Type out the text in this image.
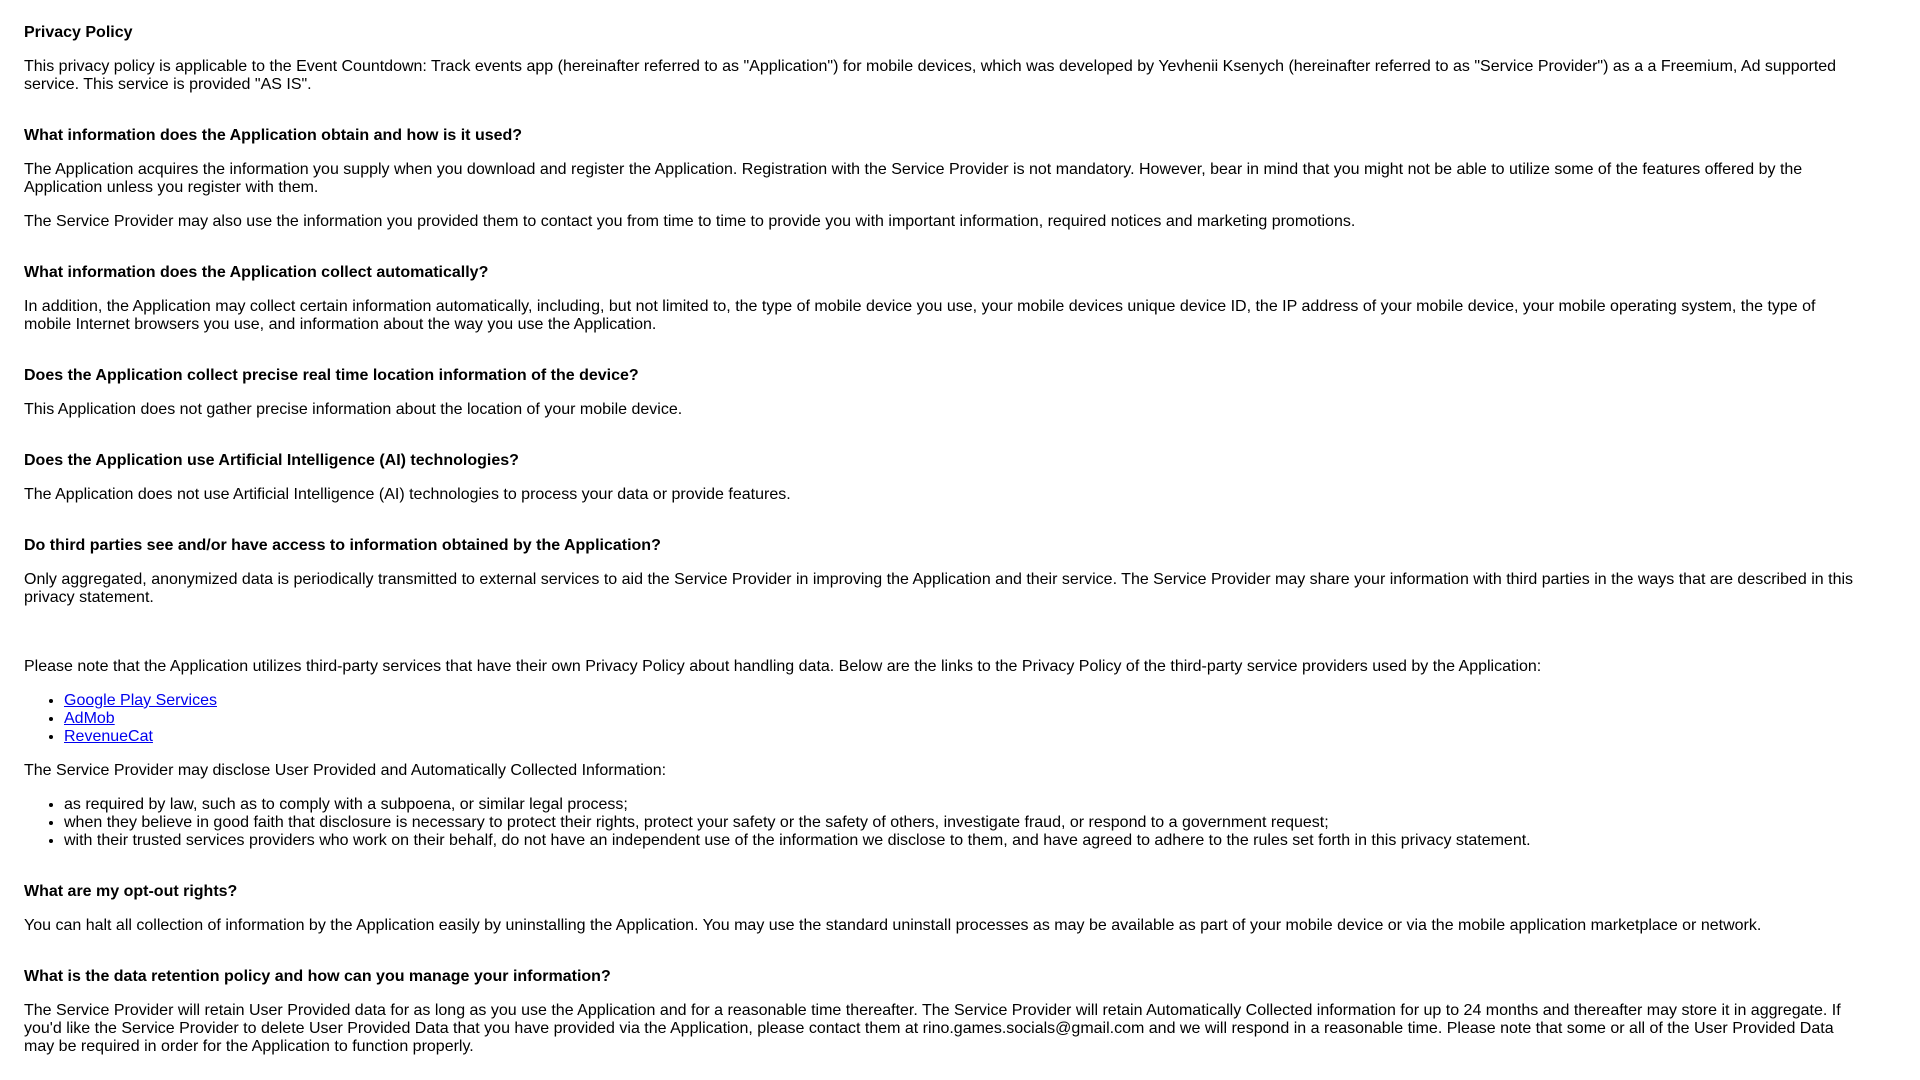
Privacy Policy

This privacy policy is applicable to the Event Countdown: Track events app (hereinafter referred to as "Application") for mobile devices, which was developed by Yevhenii Ksenych (hereinafter referred to as "Service Provider") as a a Freemium, Ad supported service. This service is provided "AS IS".

What information does the Application obtain and how is it used?

The Application acquires the information you supply when you download and register the Application. Registration with the Service Provider is not mandatory. However, bear in mind that you might not be able to utilize some of the features offered by the Application unless you register with them.

The Service Provider may also use the information you provided them to contact you from time to time to provide you with important information, required notices and marketing promotions.

What information does the Application collect automatically?

In addition, the Application may collect certain information automatically, including, but not limited to, the type of mobile device you use, your mobile devices unique device ID, the IP address of your mobile device, your mobile operating system, the type of mobile Internet browsers you use, and information about the way you use the Application.

Does the Application collect precise real time location information of the device?

This Application does not gather precise information about the location of your mobile device.

Does the Application use Artificial Intelligence (AI) technologies?

The Application does not use Artificial Intelligence (AI) technologies to process your data or provide features.

Do third parties see and/or have access to information obtained by the Application?

Only aggregated, anonymized data is periodically transmitted to external services to aid the Service Provider in improving the Application and their service. The Service Provider may share your information with third parties in the ways that are described in this privacy statement.

Please note that the Application utilizes third-party services that have their own Privacy Policy about handling data. Below are the links to the Privacy Policy of the third-party service providers used by the Application:

• Google Play Services
• AdMob
• RevenueCat

The Service Provider may disclose User Provided and Automatically Collected Information:

• as required by law, such as to comply with a subpoena, or similar legal process;
• when they believe in good faith that disclosure is necessary to protect their rights, protect your safety or the safety of others, investigate fraud, or respond to a government request;
• with their trusted services providers who work on their behalf, do not have an independent use of the information we disclose to them, and have agreed to adhere to the rules set forth in this privacy statement.
What are my opt-out rights?

You can halt all collection of information by the Application easily by uninstalling the Application. You may use the standard uninstall processes as may be available as part of your mobile device or via the mobile application marketplace or network.

What is the data retention policy and how can you manage your information?

The Service Provider will retain User Provided data for as long as you use the Application and for a reasonable time thereafter. The Service Provider will retain Automatically Collected information for up to 24 months and thereafter may store it in aggregate. If you'd like the Service Provider to delete User Provided Data that you have provided via the Application, please contact them at rino.games.socials@gmail.com and we will respond in a reasonable time. Please note that some or all of the User Provided Data may be required in order for the Application to function properly.
